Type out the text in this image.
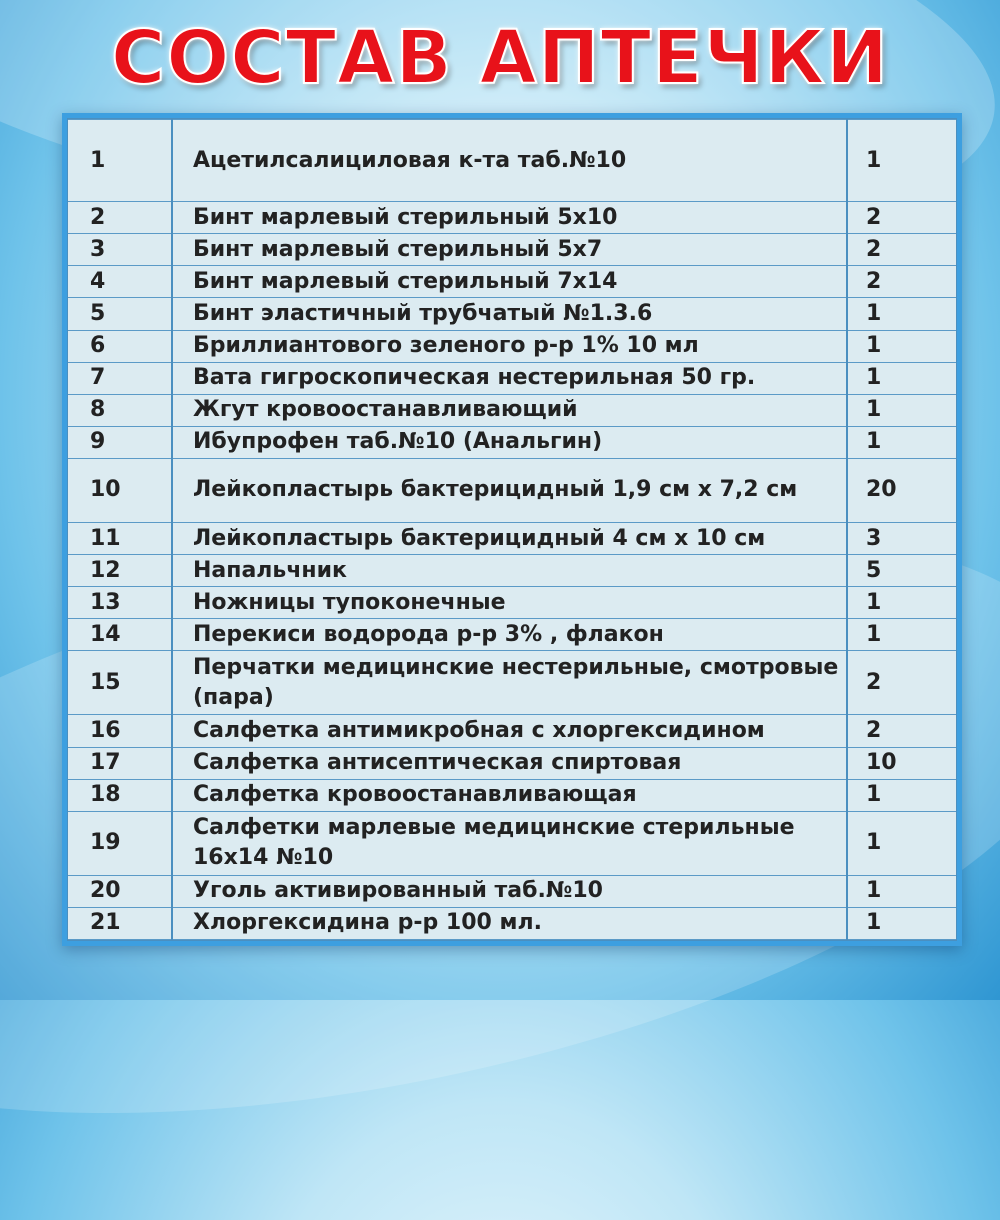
СОСТАВ АПТЕЧКИ
1	Ацетилсалициловая к-та таб.№10	1
2	Бинт марлевый стерильный 5х10	2
3	Бинт марлевый стерильный 5х7	2
4	Бинт марлевый стерильный 7х14	2
5	Бинт эластичный трубчатый №1.3.6	1
6	Бриллиантового зеленого р-р 1% 10 мл	1
7	Вата гигроскопическая нестерильная 50 гр.	1
8	Жгут кровоостанавливающий	1
9	Ибупрофен таб.№10 (Анальгин)	1
10	Лейкопластырь бактерицидный 1,9 см х 7,2 см	20
11	Лейкопластырь бактерицидный 4 см х 10 см	3
12	Напальчник	5
13	Ножницы тупоконечные	1
14	Перекиси водорода р-р 3% , флакон	1
15	Перчатки медицинские нестерильные, смотровые (пара)	2
16	Салфетка антимикробная с хлоргексидином	2
17	Салфетка антисептическая спиртовая	10
18	Салфетка кровоостанавливающая	1
19	Салфетки марлевые медицинские стерильные 16х14 №10	1
20	Уголь активированный таб.№10	1
21	Хлоргексидина р-р 100 мл.	1
